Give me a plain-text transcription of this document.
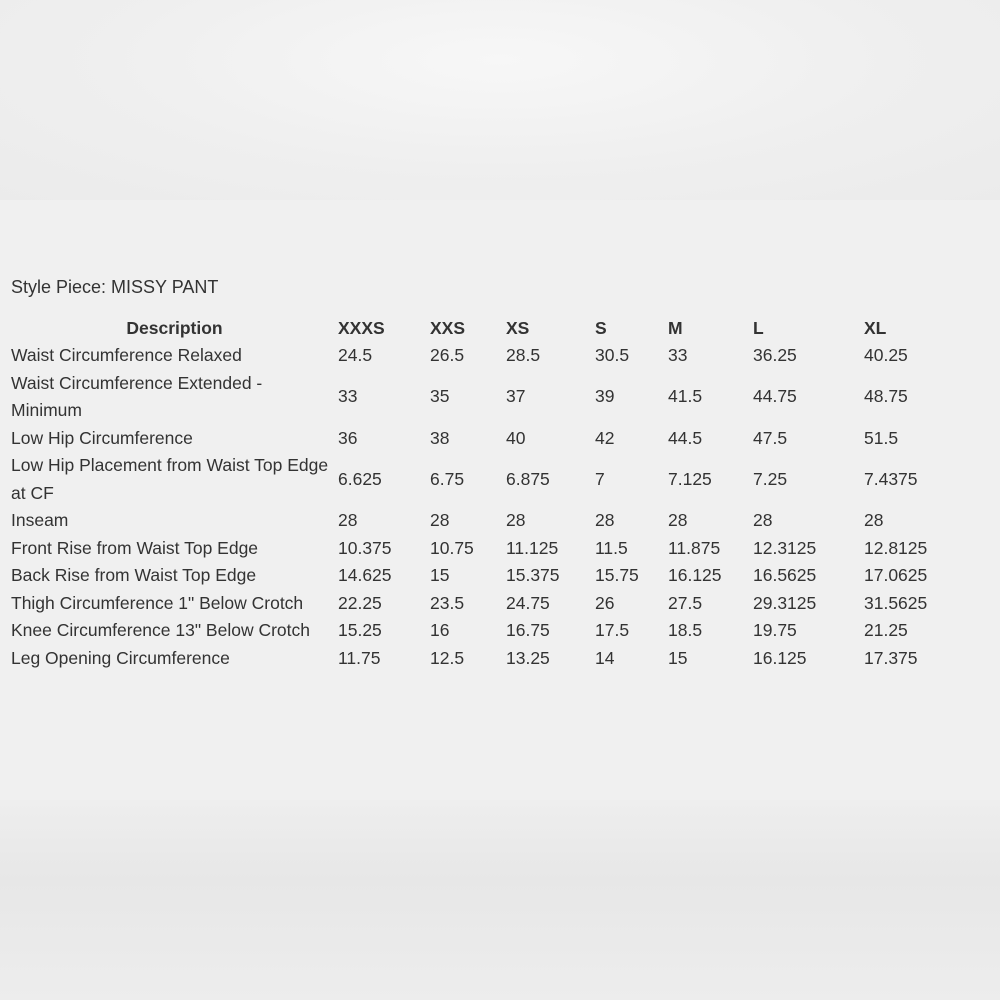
Style Piece: MISSY PANT
Description	XXXS	XXS	XS	S	M	L	XL
Waist Circumference Relaxed	24.5	26.5	28.5	30.5	33	36.25	40.25
Waist Circumference Extended - Minimum	33	35	37	39	41.5	44.75	48.75
Low Hip Circumference	36	38	40	42	44.5	47.5	51.5
Low Hip Placement from Waist Top Edge at CF	6.625	6.75	6.875	7	7.125	7.25	7.4375
Inseam	28	28	28	28	28	28	28
Front Rise from Waist Top Edge	10.375	10.75	11.125	11.5	11.875	12.3125	12.8125
Back Rise from Waist Top Edge	14.625	15	15.375	15.75	16.125	16.5625	17.0625
Thigh Circumference 1" Below Crotch	22.25	23.5	24.75	26	27.5	29.3125	31.5625
Knee Circumference 13" Below Crotch	15.25	16	16.75	17.5	18.5	19.75	21.25
Leg Opening Circumference	11.75	12.5	13.25	14	15	16.125	17.375
